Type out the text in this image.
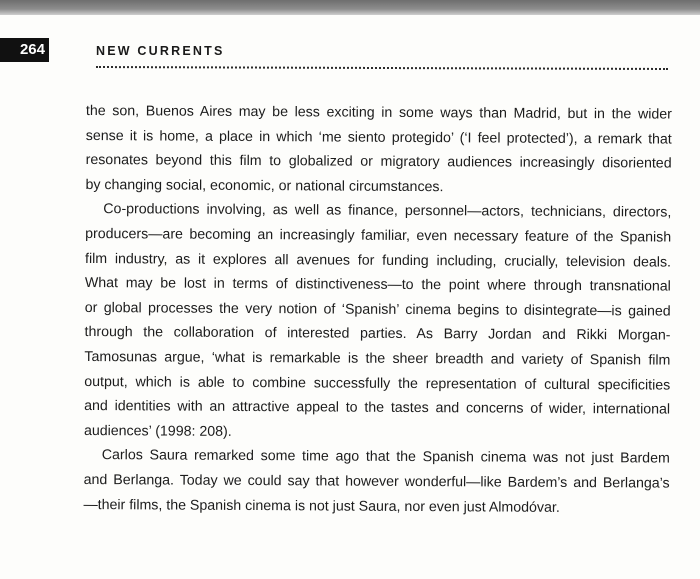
264	NEW CURRENTS
the son, Buenos Aires may be less exciting in some ways than Madrid, but in the wider
sense it is home, a place in which ‘me siento protegido’ (‘I feel protected’), a remark that
resonates beyond this film to globalized or migratory audiences increasingly disoriented
by changing social, economic, or national circumstances.
Co-productions involving, as well as finance, personnel—actors, technicians, directors,
producers—are becoming an increasingly familiar, even necessary feature of the Spanish
film industry, as it explores all avenues for funding including, crucially, television deals.
What may be lost in terms of distinctiveness—to the point where through transnational
or global processes the very notion of ‘Spanish’ cinema begins to disintegrate—is gained
through the collaboration of interested parties. As Barry Jordan and Rikki Morgan-
Tamosunas argue, ‘what is remarkable is the sheer breadth and variety of Spanish film
output, which is able to combine successfully the representation of cultural specificities
and identities with an attractive appeal to the tastes and concerns of wider, international
audiences’ (1998: 208).
Carlos Saura remarked some time ago that the Spanish cinema was not just Bardem
and Berlanga. Today we could say that however wonderful—like Bardem’s and Berlanga’s
—their films, the Spanish cinema is not just Saura, nor even just Almodóvar.
